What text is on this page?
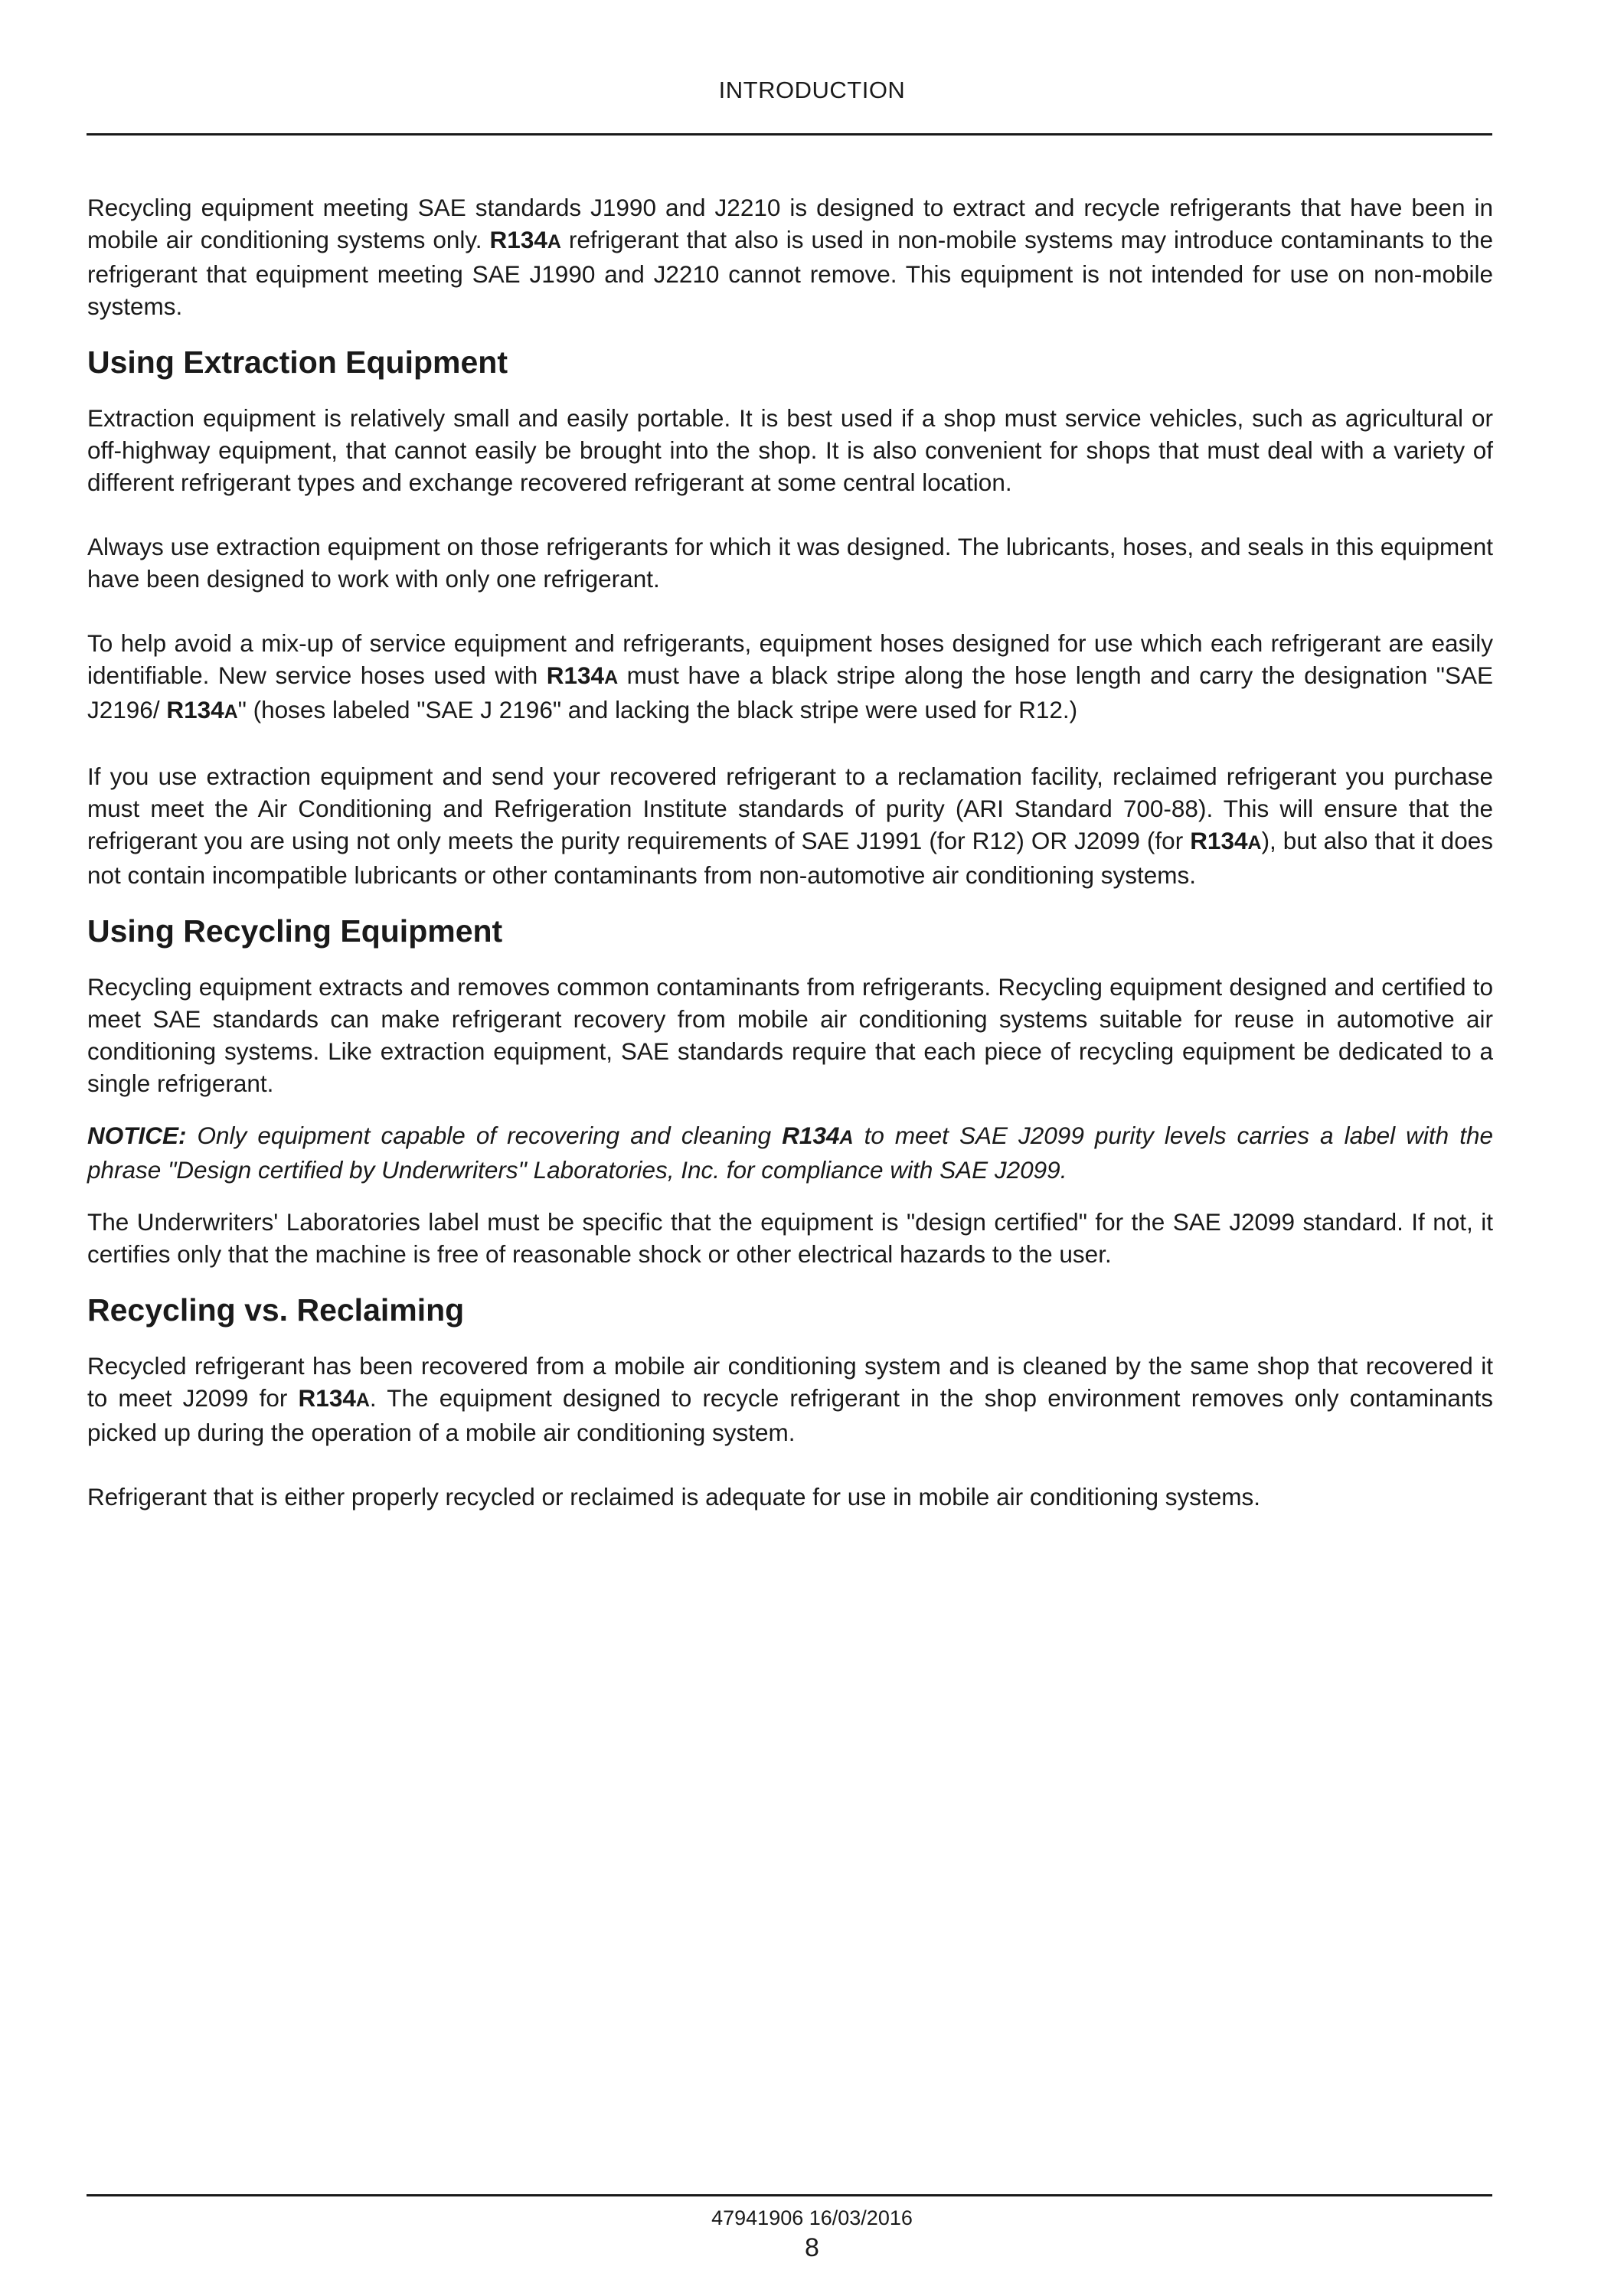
INTRODUCTION

Recycling equipment meeting SAE standards J1990 and J2210 is designed to extract and recycle refrigerants that have been in mobile air conditioning systems only. R134A refrigerant that also is used in non-mobile systems may introduce contaminants to the refrigerant that equipment meeting SAE J1990 and J2210 cannot remove. This equipment is not intended for use on non-mobile systems.

Using Extraction Equipment

Extraction equipment is relatively small and easily portable. It is best used if a shop must service vehicles, such as agricultural or off-highway equipment, that cannot easily be brought into the shop. It is also convenient for shops that must deal with a variety of different refrigerant types and exchange recovered refrigerant at some central location.

Always use extraction equipment on those refrigerants for which it was designed. The lubricants, hoses, and seals in this equipment have been designed to work with only one refrigerant.

To help avoid a mix-up of service equipment and refrigerants, equipment hoses designed for use which each refrigerant are easily identifiable. New service hoses used with R134A must have a black stripe along the hose length and carry the designation "SAE J2196/ R134A" (hoses labeled "SAE J 2196" and lacking the black stripe were used for R12.)

If you use extraction equipment and send your recovered refrigerant to a reclamation facility, reclaimed refrigerant you purchase must meet the Air Conditioning and Refrigeration Institute standards of purity (ARI Standard 700-88). This will ensure that the refrigerant you are using not only meets the purity requirements of SAE J1991 (for R12) OR J2099 (for R134A), but also that it does not contain incompatible lubricants or other contaminants from non-automotive air conditioning systems.

Using Recycling Equipment

Recycling equipment extracts and removes common contaminants from refrigerants. Recycling equipment designed and certified to meet SAE standards can make refrigerant recovery from mobile air conditioning systems suitable for reuse in automotive air conditioning systems. Like extraction equipment, SAE standards require that each piece of recycling equipment be dedicated to a single refrigerant.

NOTICE: Only equipment capable of recovering and cleaning R134A to meet SAE J2099 purity levels carries a label with the phrase "Design certified by Underwriters" Laboratories, Inc. for compliance with SAE J2099.

The Underwriters' Laboratories label must be specific that the equipment is "design certified" for the SAE J2099 standard. If not, it certifies only that the machine is free of reasonable shock or other electrical hazards to the user.

Recycling vs. Reclaiming

Recycled refrigerant has been recovered from a mobile air conditioning system and is cleaned by the same shop that recovered it to meet J2099 for R134A. The equipment designed to recycle refrigerant in the shop environment removes only contaminants picked up during the operation of a mobile air conditioning system.

Refrigerant that is either properly recycled or reclaimed is adequate for use in mobile air conditioning systems.

47941906 16/03/2016
8
